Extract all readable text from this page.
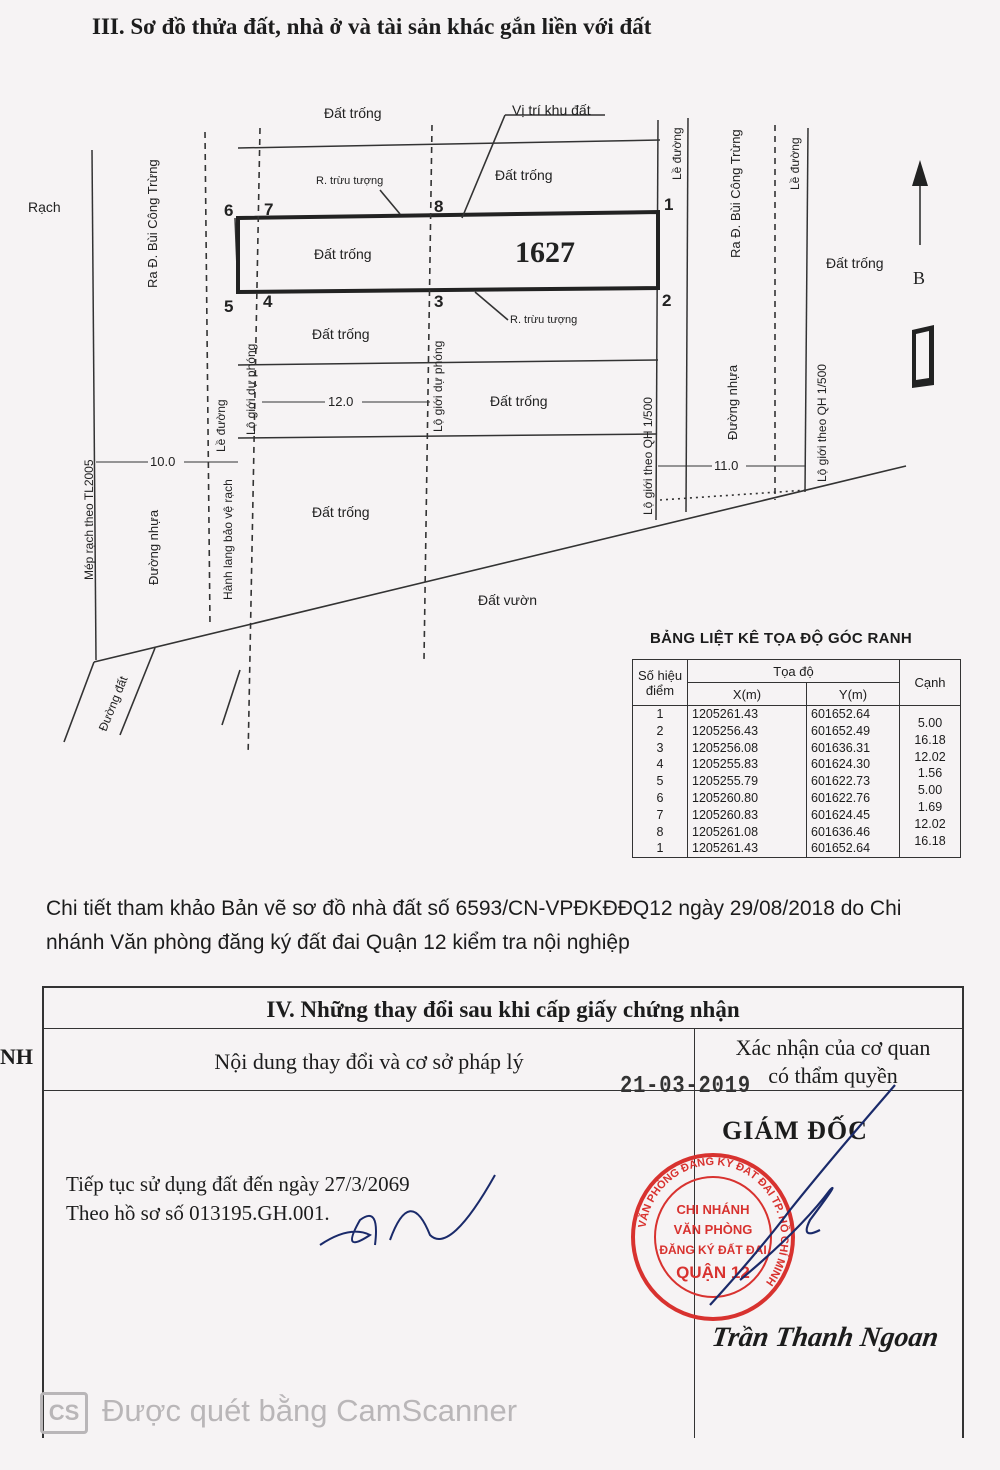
III. Sơ đồ thửa đất, nhà ở và tài sản khác gắn liền với đất
Đất trống	Vị trí khu đất
Đất trống
R. trừu tượng
Đất trống	1627
R. trừu tượng
Đất trống
Đất trống
Đất trống
Đất trống
Đất vườn
Rạch
12.0
10.0	11.0
B
Ra Đ. Bùi Công Trừng	Ra Đ. Bùi Công Trừng
Lề đường	Lề đường
Lộ giới dự phóng	Lộ giới dự phóng
Lộ giới theo QH 1/500	Lộ giới theo QH 1/500
Đường nhựa
Đường nhựa	Hành lang bảo vệ rạch
Lề đường
Mép rạch theo TL2005
Đường đất
1
2
3
4
5
6 7	8
BẢNG LIỆT KÊ TỌA ĐỘ GÓC RANH
Số hiệu điểm	Tọa độ		Cạnh
	X(m)	Y(m)	
1	1205261.43	601652.64	5.00
2	1205256.43	601652.49	16.18
3	1205256.08	601636.31	12.02
4	1205255.83	601624.30	1.56
5	1205255.79	601622.73	5.00
6	1205260.80	601622.76	1.69
7	1205260.83	601624.45	12.02
8	1205261.08	601636.46	16.18
1	1205261.43	601652.64	
Chi tiết tham khảo Bản vẽ sơ đồ nhà đất số 6593/CN-VPĐKĐĐQ12 ngày 29/08/2018 do Chi nhánh Văn phòng đăng ký đất đai Quận 12 kiểm tra nội nghiệp
NH
IV. Những thay đổi sau khi cấp giấy chứng nhận
Nội dung thay đổi và cơ sở pháp lý
Xác nhận của cơ quan
có thẩm quyền
21-03-2019
GIÁM ĐỐC
Tiếp tục sử dụng đất đến ngày 27/3/2069
Theo hồ sơ số 013195.GH.001.	VĂN PHÒNG ĐĂNG KÝ ĐẤT ĐAI TP. HỒ CHÍ MINH
CHI NHÁNH
VĂN PHÒNG
ĐĂNG KÝ ĐẤT ĐAI
QUẬN 12
Trần Thanh Ngoan
CS Được quét bằng CamScanner
